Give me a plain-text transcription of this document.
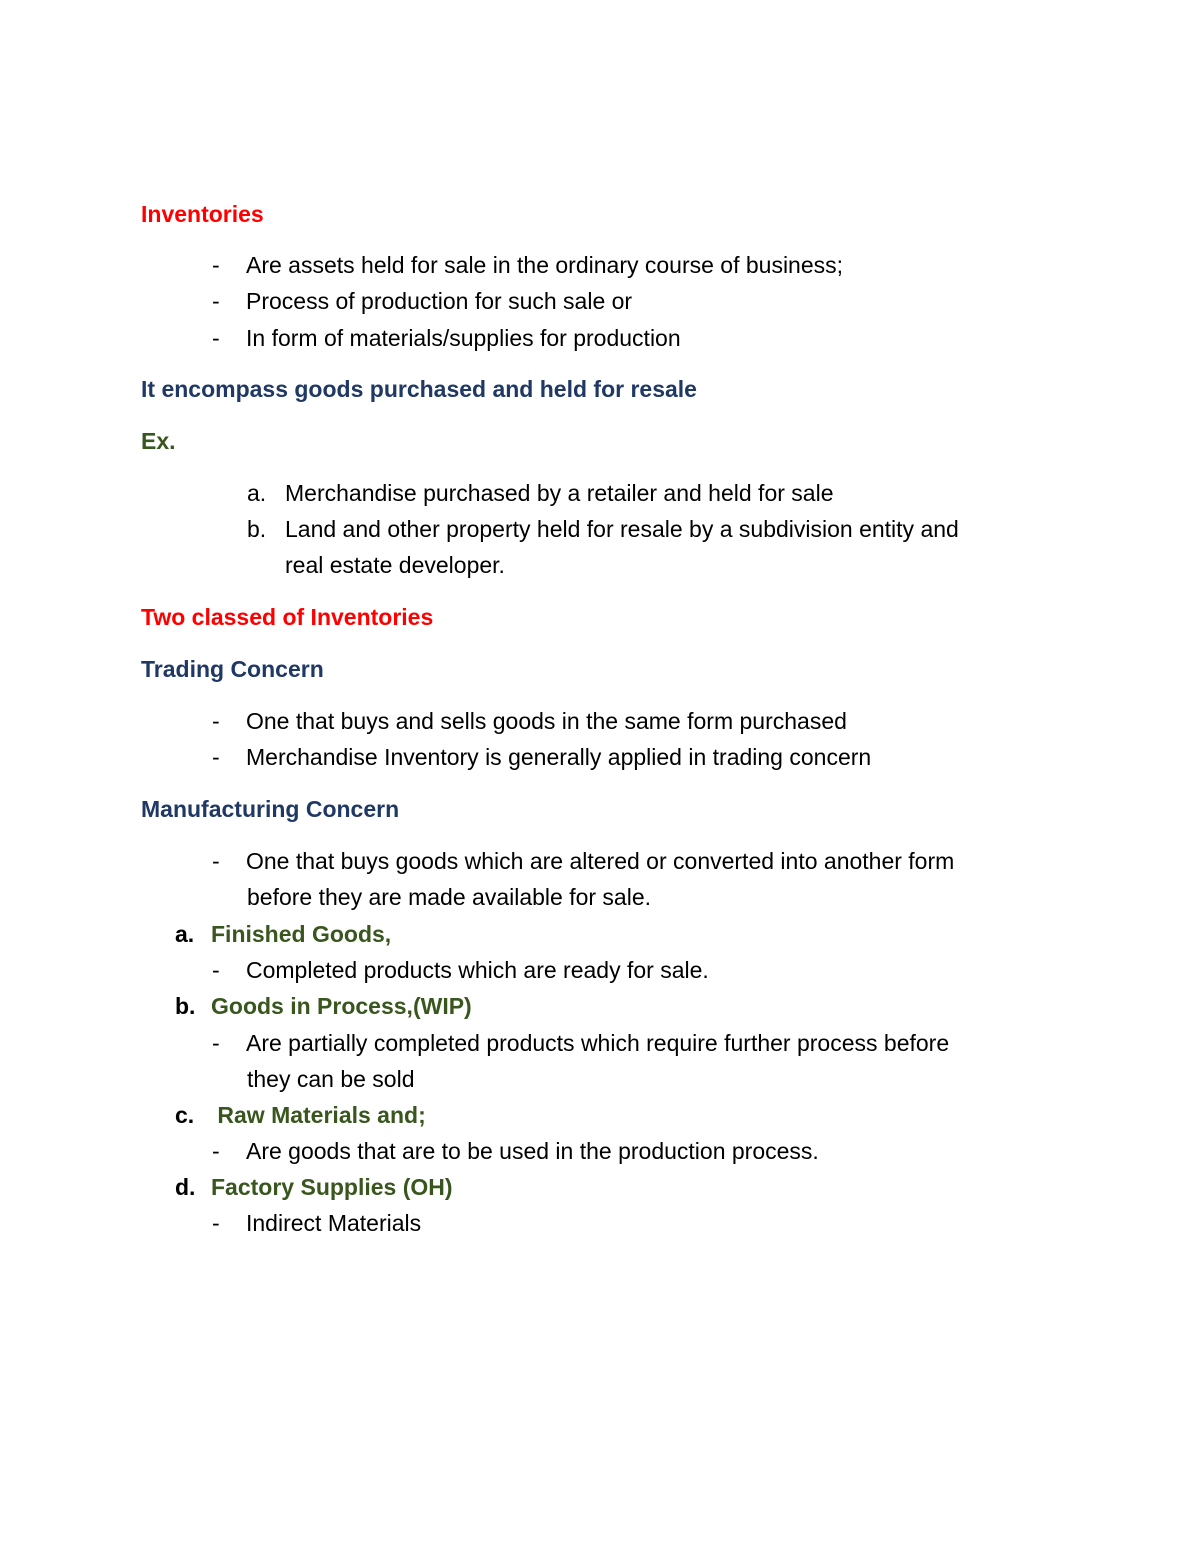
Inventories
- Are assets held for sale in the ordinary course of business;
- Process of production for such sale or
- In form of materials/supplies for production
It encompass goods purchased and held for resale
Ex.
a. Merchandise purchased by a retailer and held for sale
b. Land and other property held for resale by a subdivision entity and
real estate developer.
Two classed of Inventories
Trading Concern
- One that buys and sells goods in the same form purchased
- Merchandise Inventory is generally applied in trading concern
Manufacturing Concern
- One that buys goods which are altered or converted into another form
before they are made available for sale.
a. Finished Goods,
- Completed products which are ready for sale.
b. Goods in Process,(WIP)
- Are partially completed products which require further process before
they can be sold
c. Raw Materials and;
- Are goods that are to be used in the production process.
d. Factory Supplies (OH)
- Indirect Materials
